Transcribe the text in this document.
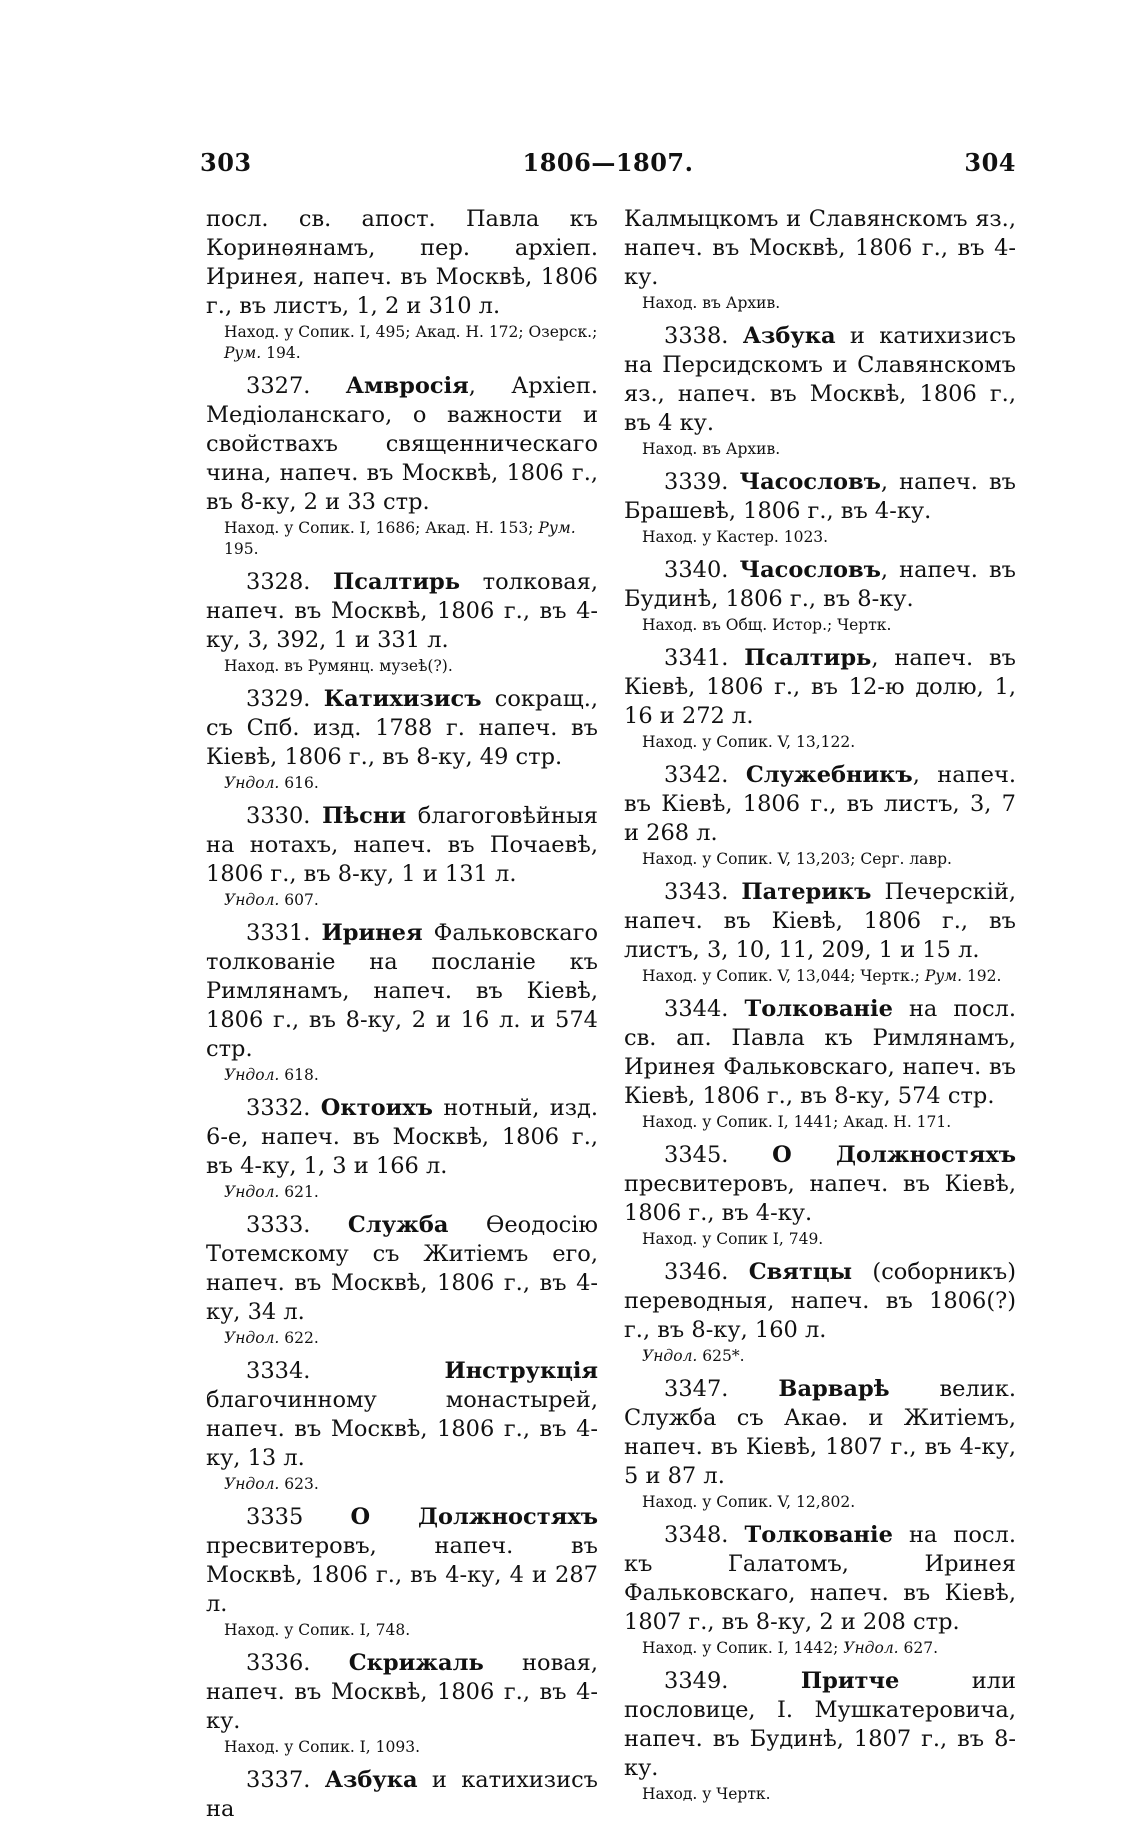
1806—1807.
303	304

посл. св. апост. Павла къ Коринѳянамъ, пер. архiеп. Иринея, напеч. въ Москвѣ, 1806 г., въ листъ, 1, 2 и 310 л.

Наход. у Сопик. I, 495; Акад. Н. 172; Озерск.; Рум. 194.

3327. Амвросiя, Архiеп. Медiоланскаго, о важности и свойствахъ священническаго чина, напеч. въ Москвѣ, 1806 г., въ 8-ку, 2 и 33 стр.

Наход. у Сопик. I, 1686; Акад. Н. 153; Рум. 195.

3328. Псалтирь толковая, напеч. въ Москвѣ, 1806 г., въ 4-ку, 3, 392, 1 и 331 л.

Наход. въ Румянц. музеѣ(?).

3329. Катихизисъ сокращ., съ Спб. изд. 1788 г. напеч. въ Кiевѣ, 1806 г., въ 8-ку, 49 стр.

Ундол. 616.

3330. Пѣсни благоговѣйныя на нотахъ, напеч. въ Почаевѣ, 1806 г., въ 8-ку, 1 и 131 л.

Ундол. 607.

3331. Иринея Фальковскаго толкованiе на посланiе къ Римлянамъ, напеч. въ Кiевѣ, 1806 г., въ 8-ку, 2 и 16 л. и 574 стр.

Ундол. 618.

3332. Октоихъ нотный, изд. 6-е, напеч. въ Москвѣ, 1806 г., въ 4-ку, 1, 3 и 166 л.

Ундол. 621.

3333. Служба Ѳеодосiю Тотемскому съ Житiемъ его, напеч. въ Москвѣ, 1806 г., въ 4-ку, 34 л.

Ундол. 622.

3334. Инструкцiя благочинному монастырей, напеч. въ Москвѣ, 1806 г., въ 4-ку, 13 л.

Ундол. 623.

3335 О Должностяхъ пресвитеровъ, напеч. въ Москвѣ, 1806 г., въ 4-ку, 4 и 287 л.

Наход. у Сопик. I, 748.

3336. Скрижаль новая, напеч. въ Москвѣ, 1806 г., въ 4-ку.

Наход. у Сопик. I, 1093.

3337. Азбука и катихизисъ на

Калмыцкомъ и Славянскомъ яз., напеч. въ Москвѣ, 1806 г., въ 4-ку.

Наход. въ Архив.

3338. Азбука и катихизисъ на Персидскомъ и Славянскомъ яз., напеч. въ Москвѣ, 1806 г., въ 4 ку.

Наход. въ Архив.

3339. Часословъ, напеч. въ Брашевѣ, 1806 г., въ 4-ку.

Наход. у Кастер. 1023.

3340. Часословъ, напеч. въ Будинѣ, 1806 г., въ 8-ку.

Наход. въ Общ. Истор.; Чертк.

3341. Псалтирь, напеч. въ Кiевѣ, 1806 г., въ 12-ю долю, 1, 16 и 272 л.

Наход. у Сопик. V, 13,122.

3342. Служебникъ, напеч. въ Кiевѣ, 1806 г., въ листъ, 3, 7 и 268 л.

Наход. у Сопик. V, 13,203; Серг. лавр.

3343. Патерикъ Печерскiй, напеч. въ Кiевѣ, 1806 г., въ листъ, 3, 10, 11, 209, 1 и 15 л.

Наход. у Сопик. V, 13,044; Чертк.; Рум. 192.

3344. Толкованiе на посл. св. ап. Павла къ Римлянамъ, Иринея Фальковскаго, напеч. въ Кiевѣ, 1806 г., въ 8-ку, 574 стр.

Наход. у Сопик. I, 1441; Акад. Н. 171.

3345. О Должностяхъ пресвитеровъ, напеч. въ Кiевѣ, 1806 г., въ 4-ку.

Наход. у Сопик I, 749.

3346. Святцы (соборникъ) переводныя, напеч. въ 1806(?) г., въ 8-ку, 160 л.

Ундол. 625*.

3347. Варварѣ велик. Служба съ Акаѳ. и Житiемъ, напеч. въ Кiевѣ, 1807 г., въ 4-ку, 5 и 87 л.

Наход. у Сопик. V, 12,802.

3348. Толкованiе на посл. къ Галатомъ, Иринея Фальковскаго, напеч. въ Кiевѣ, 1807 г., въ 8-ку, 2 и 208 стр.

Наход. у Сопик. I, 1442; Ундол. 627.

3349. Притче или пословице, I. Мушкатеровича, напеч. въ Будинѣ, 1807 г., въ 8-ку.

Наход. у Чертк.
